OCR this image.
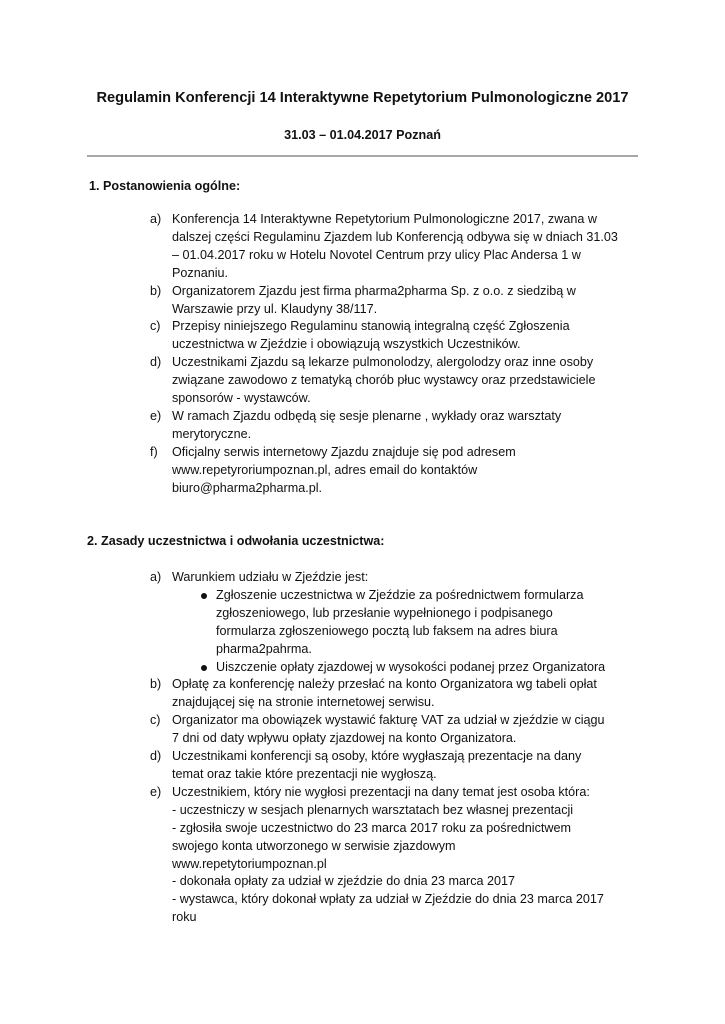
Regulamin Konferencji 14 Interaktywne Repetytorium Pulmonologiczne 2017
31.03 – 01.04.2017 Poznań
1. Postanowienia ogólne:
a) Konferencja 14 Interaktywne Repetytorium Pulmonologiczne 2017, zwana w
dalszej części Regulaminu Zjazdem lub Konferencją odbywa się w dniach 31.03
– 01.04.2017 roku w Hotelu Novotel Centrum przy ulicy Plac Andersa 1 w
Poznaniu.
b) Organizatorem Zjazdu jest firma pharma2pharma Sp. z o.o. z siedzibą w
Warszawie przy ul. Klaudyny 38/117.
c) Przepisy niniejszego Regulaminu stanowią integralną część Zgłoszenia
uczestnictwa w Zjeździe i obowiązują wszystkich Uczestników.
d) Uczestnikami Zjazdu są lekarze pulmonolodzy, alergolodzy oraz inne osoby
związane zawodowo z tematyką chorób płuc wystawcy oraz przedstawiciele
sponsorów - wystawców.
e) W ramach Zjazdu odbędą się sesje plenarne , wykłady oraz warsztaty
merytoryczne.
f) Oficjalny serwis internetowy Zjazdu znajduje się pod adresem
www.repetyroriumpoznan.pl, adres email do kontaktów
biuro@pharma2pharma.pl.
2. Zasady uczestnictwa i odwołania uczestnictwa:
a) Warunkiem udziału w Zjeździe jest:
Zgłoszenie uczestnictwa w Zjeździe za pośrednictwem formularza
zgłoszeniowego, lub przesłanie wypełnionego i podpisanego
formularza zgłoszeniowego pocztą lub faksem na adres biura
pharma2pahrma.
Uiszczenie opłaty zjazdowej w wysokości podanej przez Organizatora
b) Opłatę za konferencję należy przesłać na konto Organizatora wg tabeli opłat
znajdującej się na stronie internetowej serwisu.
c) Organizator ma obowiązek wystawić fakturę VAT za udział w zjeździe w ciągu
7 dni od daty wpływu opłaty zjazdowej na konto Organizatora.
d) Uczestnikami konferencji są osoby, które wygłaszają prezentacje na dany
temat oraz takie które prezentacji nie wygłoszą.
e) Uczestnikiem, który nie wygłosi prezentacji na dany temat jest osoba która:
- uczestniczy w sesjach plenarnych warsztatach bez własnej prezentacji
- zgłosiła swoje uczestnictwo do 23 marca 2017 roku za pośrednictwem
swojego konta utworzonego w serwisie zjazdowym
www.repetytoriumpoznan.pl
- dokonała opłaty za udział w zjeździe do dnia 23 marca 2017
- wystawca, który dokonał wpłaty za udział w Zjeździe do dnia 23 marca 2017
roku
